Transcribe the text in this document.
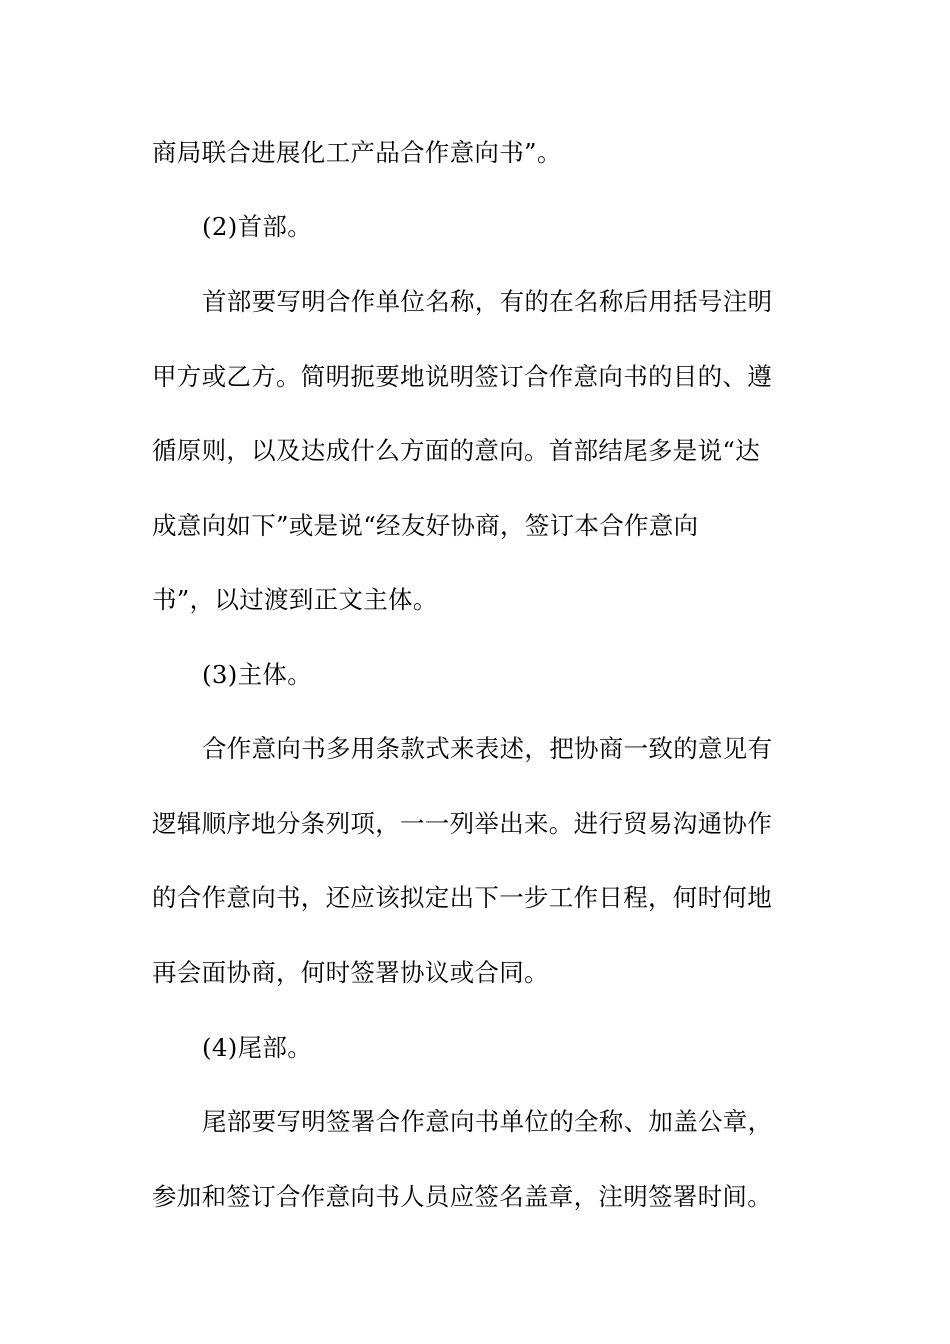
商局联合进展化工产品合作意向书”。
(2)首部。
首部要写明合作单位名称，有的在名称后用括号注明
甲方或乙方。简明扼要地说明签订合作意向书的目的、遵
循原则，以及达成什么方面的意向。首部结尾多是说“达
成意向如下”或是说“经友好协商，签订本合作意向
书”，以过渡到正文主体。
(3)主体。
合作意向书多用条款式来表述，把协商一致的意见有
逻辑顺序地分条列项，一一列举出来。进行贸易沟通协作
的合作意向书，还应该拟定出下一步工作日程，何时何地
再会面协商，何时签署协议或合同。
(4)尾部。
尾部要写明签署合作意向书单位的全称、加盖公章，
参加和签订合作意向书人员应签名盖章，注明签署时间。
